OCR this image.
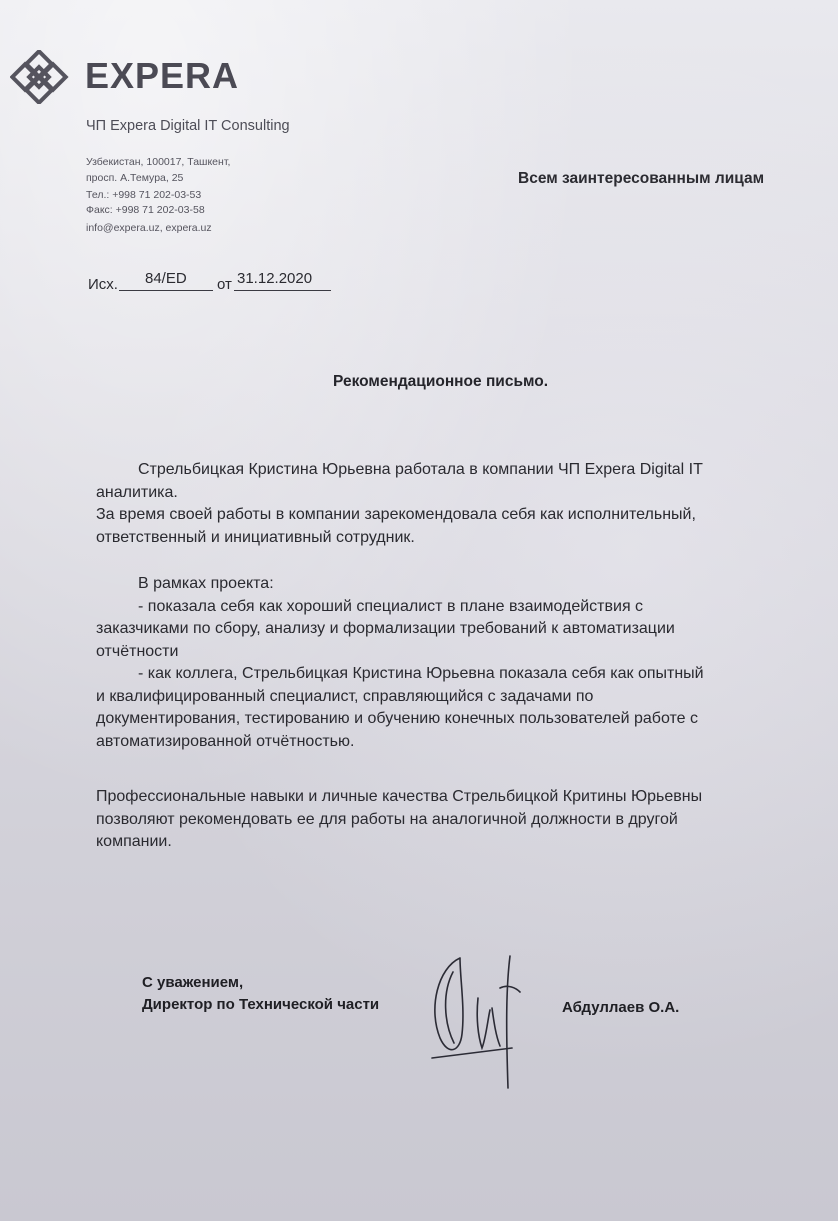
EXPERA
ЧП Expera Digital IT Consulting
Узбекистан, 100017, Ташкент,
просп. А.Темура, 25
Тел.: +998 71 202-03-53
Факс: +998 71 202-03-58
info@expera.uz, expera.uz
Всем заинтересованным лицам
Исх. 84/ED от 31.12.2020
Рекомендационное письмо.
Стрельбицкая Кристина Юрьевна работала в компании ЧП Expera Digital IT
аналитика.
За время своей работы в компании зарекомендовала себя как исполнительный,
ответственный и инициативный сотрудник.
В рамках проекта:
- показала себя как хороший специалист в плане взаимодействия с
заказчиками по сбору, анализу и формализации требований к автоматизации
отчётности
- как коллега, Стрельбицкая Кристина Юрьевна показала себя как опытный
и квалифицированный специалист, справляющийся с задачами по
документирования, тестированию и обучению конечных пользователей работе с
автоматизированной отчётностью.
Профессиональные навыки и личные качества Стрельбицкой Критины Юрьевны
позволяют рекомендовать ее для работы на аналогичной должности в другой
компании.
С уважением,
Директор по Технической части	Абдуллаев О.А.
